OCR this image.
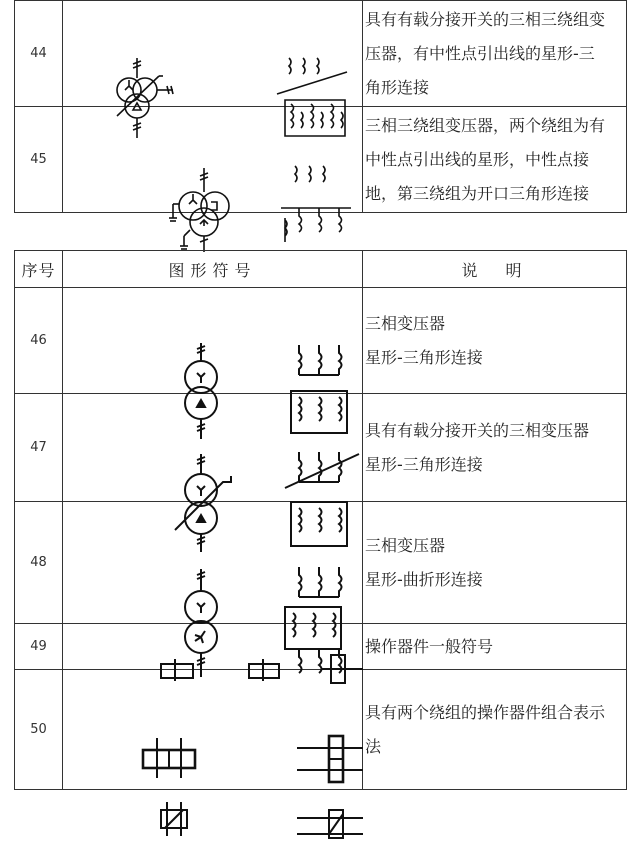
44		具有有载分接开关的三相三绕组变
压器，有中性点引出线的星形-三
角形连接

45		三相三绕组变压器，两个绕组为有
中性点引出线的星形，中性点接
地，第三绕组为开口三角形连接
序号	图形符号	说　明
46		三相变压器
星形-三角形连接

47		具有有载分接开关的三相变压器
星形-三角形连接

48		三相变压器
星形-曲折形连接

49		操作器件一般符号

50		具有两个绕组的操作器件组合表示
法
